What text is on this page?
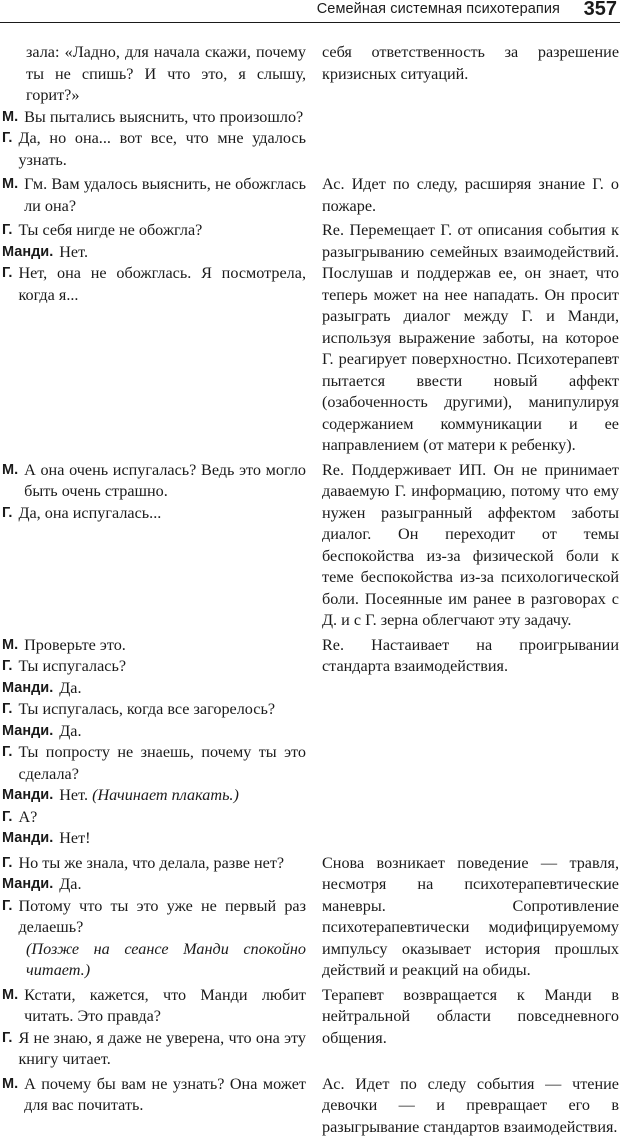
Семейная системная психотерапия 357
зала: «Ладно, для начала скажи, почему ты не спишь? И что это, я слышу, горит?»
М. Вы пытались выяснить, что произошло?
Г. Да, но она... вот все, что мне удалось узнать.
себя ответственность за разрешение кризисных ситуаций.
М. Гм. Вам удалось выяснить, не обожглась ли она?
Ас. Идет по следу, расширяя знание Г. о пожаре.
Г. Ты себя нигде не обожгла?
Манди. Нет.
Г. Нет, она не обожглась. Я посмотрела, когда я...
Re. Перемещает Г. от описания события к разыгрыванию семейных взаимодействий. Послушав и поддержав ее, он знает, что теперь может на нее нападать. Он просит разыграть диалог между Г. и Манди, используя выражение заботы, на которое Г. реагирует поверхностно. Психотерапевт пытается ввести новый аффект (озабоченность другими), манипулируя содержанием коммуникации и ее направлением (от матери к ребенку).
М. А она очень испугалась? Ведь это могло быть очень страшно.
Г. Да, она испугалась...
Re. Поддерживает ИП. Он не принимает даваемую Г. информацию, потому что ему нужен разыгранный аффектом заботы диалог. Он переходит от темы беспокойства из-за физической боли к теме беспокойства из-за психологической боли. Посеянные им ранее в разговорах с Д. и с Г. зерна облегчают эту задачу.
М. Проверьте это.
Г. Ты испугалась?
Манди. Да.
Г. Ты испугалась, когда все загорелось?
Манди. Да.
Г. Ты попросту не знаешь, почему ты это сделала?
Манди. Нет. (Начинает плакать.)
Г. А?
Манди. Нет!
Re. Настаивает на проигрывании стандарта взаимодействия.
Г. Но ты же знала, что делала, разве нет?
Манди. Да.
Г. Потому что ты это уже не первый раз делаешь?
(Позже на сеансе Манди спокойно читает.)
Снова возникает поведение — травля, несмотря на психотерапевтические маневры. Сопротивление психотерапевтически модифицируемому импульсу оказывает история прошлых действий и реакций на обиды.
М. Кстати, кажется, что Манди любит читать. Это правда?
Г. Я не знаю, я даже не уверена, что она эту книгу читает.
Терапевт возвращается к Манди в нейтральной области повседневного общения.
М. А почему бы вам не узнать? Она может для вас почитать.
Ас. Идет по следу события — чтение девочки — и превращает его в разыгрывание стандартов взаимодействия.
